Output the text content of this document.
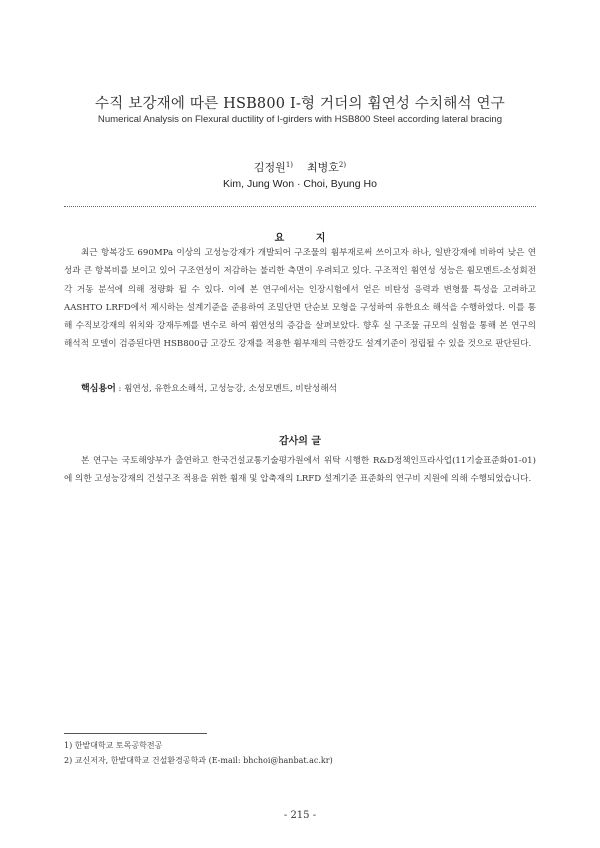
수직 보강재에 따른 HSB800 I-형 거더의 휨연성 수치해석 연구
Numerical Analysis on Flexural ductility of I-girders with HSB800 Steel according lateral bracing
김정원$^{1)}$ 최병호$^{2)}$
Kim, Jung Won · Choi, Byung Ho
요 지

최근 항복강도 690MPa 이상의 고성능강재가 개발되어 구조물의 휨부재로써 쓰이고자 하나, 일반강재에 비하여 낮은 연성과 큰 항복비를 보이고 있어 구조연성이 저감하는 불리한 측면이 우려되고 있다. 구조적인 휨연성 성능은 휨모멘트-소성회전각 거동 분석에 의해 정량화 될 수 있다. 이에 본 연구에서는 인장시험에서 얻은 비탄성 응력과 변형률 특성을 고려하고 AASHTO LRFD에서 제시하는 설계기준을 준용하여 조밀단면 단순보 모형을 구성하여 유한요소 해석을 수행하였다. 이를 통해 수직보강재의 위치와 강재두께를 변수로 하여 휨연성의 증감을 살펴보았다. 향후 실 구조물 규모의 실험을 통해 본 연구의 해석적 모델이 검증된다면 HSB800급 고강도 강재를 적용한 휨부재의 극한강도 설계기준이 정립될 수 있을 것으로 판단된다.

핵심용어 : 휨연성, 유한요소해석, 고성능강, 소성모멘트, 비탄성해석
감사의 글

본 연구는 국토해양부가 출연하고 한국건설교통기술평가원에서 위탁 시행한 R&D정책인프라사업(11기술표준화01-01)에 의한 고성능강재의 건설구조 적용을 위한 휨재 및 압축재의 LRFD 설계기준 표준화의 연구비 지원에 의해 수행되었습니다.

1) 한밭대학교 토목공학전공
2) 교신저자, 한밭대학교 건설환경공학과 (E-mail: bhchoi@hanbat.ac.kr)
- 215 -
